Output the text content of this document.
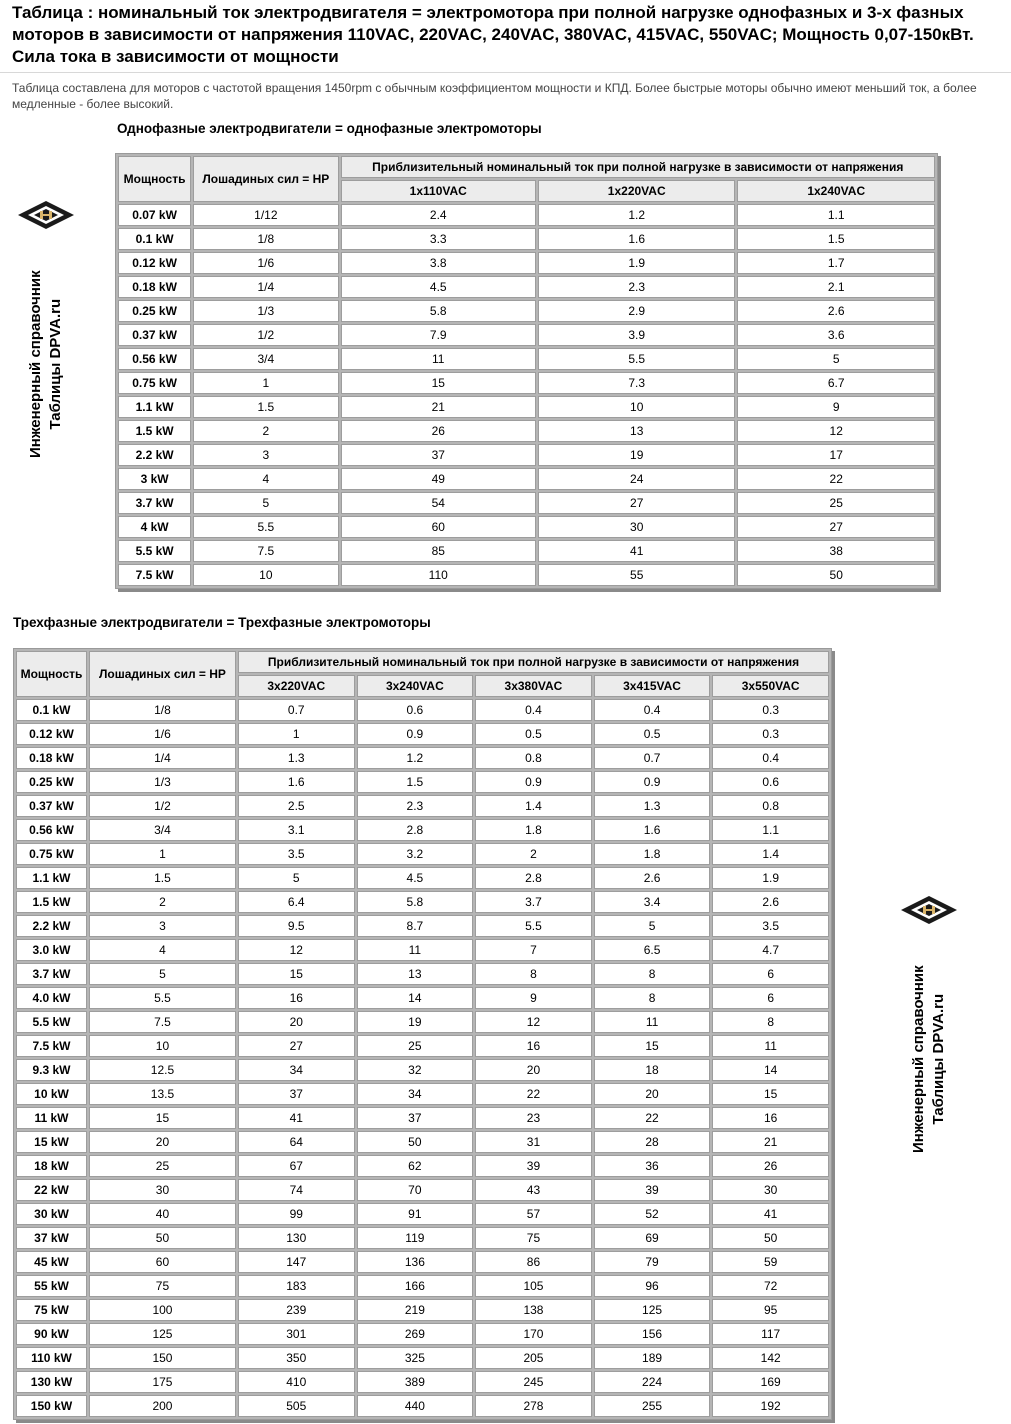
Таблица : номинальный ток электродвигателя = электромотора при полной нагрузке однофазных и 3-х фазных моторов в зависимости от напряжения 110VAC, 220VAC, 240VAC, 380VAC, 415VAC, 550VAC; Мощность 0,07-150кВт. Сила тока в зависимости от мощности
Таблица составлена для моторов с частотой вращения 1450rpm с обычным коэффициентом мощности и КПД. Более быстрые моторы обычно имеют меньший ток, а более медленные - более высокий.
Однофазные электродвигатели = однофазные электромоторы
Мощность	Лошадиных сил = HP	Приблизительный номинальный ток при полной нагрузке в зависимости от напряжения		
		1x110VAC	1x220VAC	1x240VAC
0.07 kW	1/12	2.4	1.2	1.1
0.1 kW	1/8	3.3	1.6	1.5
0.12 kW	1/6	3.8	1.9	1.7
0.18 kW	1/4	4.5	2.3	2.1
0.25 kW	1/3	5.8	2.9	2.6
0.37 kW	1/2	7.9	3.9	3.6
0.56 kW	3/4	11	5.5	5
0.75 kW	1	15	7.3	6.7
1.1 kW	1.5	21	10	9
1.5 kW	2	26	13	12
2.2 kW	3	37	19	17
3 kW	4	49	24	22
3.7 kW	5	54	27	25
4 kW	5.5	60	30	27
5.5 kW	7.5	85	41	38
7.5 kW	10	110	55	50
Трехфазные электродвигатели = Трехфазные электромоторы
Мощность	Лошадиных сил = HP	Приблизительный номинальный ток при полной нагрузке в зависимости от напряжения				
		3x220VAC	3x240VAC	3x380VAC	3x415VAC	3x550VAC
0.1 kW	1/8	0.7	0.6	0.4	0.4	0.3
0.12 kW	1/6	1	0.9	0.5	0.5	0.3
0.18 kW	1/4	1.3	1.2	0.8	0.7	0.4
0.25 kW	1/3	1.6	1.5	0.9	0.9	0.6
0.37 kW	1/2	2.5	2.3	1.4	1.3	0.8
0.56 kW	3/4	3.1	2.8	1.8	1.6	1.1
0.75 kW	1	3.5	3.2	2	1.8	1.4
1.1 kW	1.5	5	4.5	2.8	2.6	1.9
1.5 kW	2	6.4	5.8	3.7	3.4	2.6
2.2 kW	3	9.5	8.7	5.5	5	3.5
3.0 kW	4	12	11	7	6.5	4.7
3.7 kW	5	15	13	8	8	6
4.0 kW	5.5	16	14	9	8	6
5.5 kW	7.5	20	19	12	11	8
7.5 kW	10	27	25	16	15	11
9.3 kW	12.5	34	32	20	18	14
10 kW	13.5	37	34	22	20	15
11 kW	15	41	37	23	22	16
15 kW	20	64	50	31	28	21
18 kW	25	67	62	39	36	26
22 kW	30	74	70	43	39	30
30 kW	40	99	91	57	52	41
37 kW	50	130	119	75	69	50
45 kW	60	147	136	86	79	59
55 kW	75	183	166	105	96	72
75 kW	100	239	219	138	125	95
90 kW	125	301	269	170	156	117
110 kW	150	350	325	205	189	142
130 kW	175	410	389	245	224	169
150 kW	200	505	440	278	255	192
Инженерный справочник Таблицы DPVA.ru
Инженерный справочник Таблицы DPVA.ru
